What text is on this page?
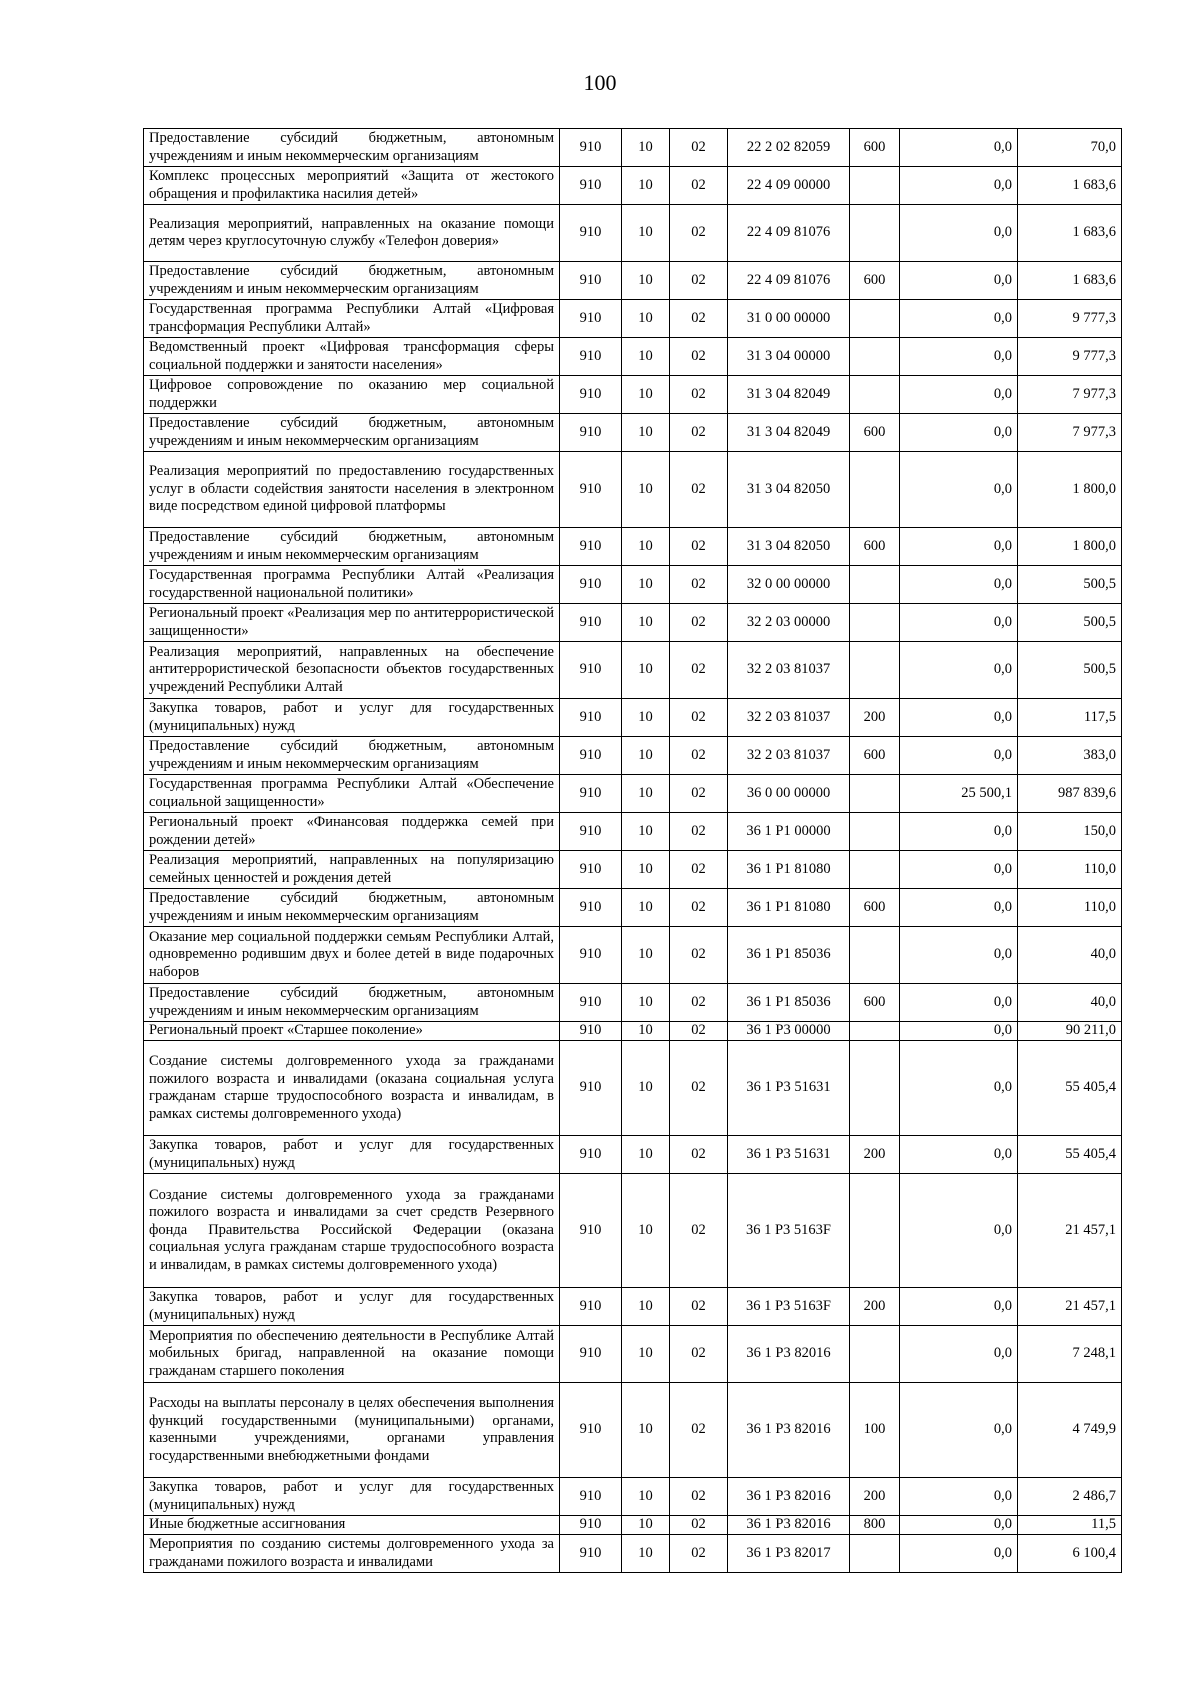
100
Предоставление субсидий бюджетным, автономным учреждениям и иным некоммерческим организациям	910	10	02	22 2 02 82059	600	0,0	70,0
Комплекс процессных мероприятий «Защита от жестокого обращения и профилактика насилия детей»	910	10	02	22 4 09 00000		0,0	1 683,6
Реализация мероприятий, направленных на оказание помощи детям через круглосуточную службу «Телефон доверия»	910	10	02	22 4 09 81076		0,0	1 683,6
Предоставление субсидий бюджетным, автономным учреждениям и иным некоммерческим организациям	910	10	02	22 4 09 81076	600	0,0	1 683,6
Государственная программа Республики Алтай «Цифровая трансформация Республики Алтай»	910	10	02	31 0 00 00000		0,0	9 777,3
Ведомственный проект «Цифровая трансформация сферы социальной поддержки и занятости населения»	910	10	02	31 3 04 00000		0,0	9 777,3
Цифровое сопровождение по оказанию мер социальной поддержки	910	10	02	31 3 04 82049		0,0	7 977,3
Предоставление субсидий бюджетным, автономным учреждениям и иным некоммерческим организациям	910	10	02	31 3 04 82049	600	0,0	7 977,3
Реализация мероприятий по предоставлению государственных услуг в области содействия занятости населения в электронном виде посредством единой цифровой платформы	910	10	02	31 3 04 82050		0,0	1 800,0
Предоставление субсидий бюджетным, автономным учреждениям и иным некоммерческим организациям	910	10	02	31 3 04 82050	600	0,0	1 800,0
Государственная программа Республики Алтай «Реализация государственной национальной политики»	910	10	02	32 0 00 00000		0,0	500,5
Региональный проект «Реализация мер по антитеррористической защищенности»	910	10	02	32 2 03 00000		0,0	500,5
Реализация мероприятий, направленных на обеспечение антитеррористической безопасности объектов государственных учреждений Республики Алтай	910	10	02	32 2 03 81037		0,0	500,5
Закупка товаров, работ и услуг для государственных (муниципальных) нужд	910	10	02	32 2 03 81037	200	0,0	117,5
Предоставление субсидий бюджетным, автономным учреждениям и иным некоммерческим организациям	910	10	02	32 2 03 81037	600	0,0	383,0
Государственная программа Республики Алтай «Обеспечение социальной защищенности»	910	10	02	36 0 00 00000		25 500,1	987 839,6
Региональный проект «Финансовая поддержка семей при рождении детей»	910	10	02	36 1 Р1 00000		0,0	150,0
Реализация мероприятий, направленных на популяризацию семейных ценностей и рождения детей	910	10	02	36 1 Р1 81080		0,0	110,0
Предоставление субсидий бюджетным, автономным учреждениям и иным некоммерческим организациям	910	10	02	36 1 Р1 81080	600	0,0	110,0
Оказание мер социальной поддержки семьям Республики Алтай, одновременно родившим двух и более детей в виде подарочных наборов	910	10	02	36 1 Р1 85036		0,0	40,0
Предоставление субсидий бюджетным, автономным учреждениям и иным некоммерческим организациям	910	10	02	36 1 Р1 85036	600	0,0	40,0
Региональный проект «Старшее поколение»	910	10	02	36 1 Р3 00000		0,0	90 211,0
Создание системы долговременного ухода за гражданами пожилого возраста и инвалидами (оказана социальная услуга гражданам старше трудоспособного возраста и инвалидам, в рамках системы долговременного ухода)	910	10	02	36 1 Р3 51631		0,0	55 405,4
Закупка товаров, работ и услуг для государственных (муниципальных) нужд	910	10	02	36 1 Р3 51631	200	0,0	55 405,4
Создание системы долговременного ухода за гражданами пожилого возраста и инвалидами за счет средств Резервного фонда Правительства Российской Федерации (оказана социальная услуга гражданам старше трудоспособного возраста и инвалидам, в рамках системы долговременного ухода)	910	10	02	36 1 Р3 5163F		0,0	21 457,1
Закупка товаров, работ и услуг для государственных (муниципальных) нужд	910	10	02	36 1 Р3 5163F	200	0,0	21 457,1
Мероприятия по обеспечению деятельности в Республике Алтай мобильных бригад, направленной на оказание помощи гражданам старшего поколения	910	10	02	36 1 Р3 82016		0,0	7 248,1
Расходы на выплаты персоналу в целях обеспечения выполнения функций государственными (муниципальными) органами, казенными учреждениями, органами управления государственными внебюджетными фондами	910	10	02	36 1 Р3 82016	100	0,0	4 749,9
Закупка товаров, работ и услуг для государственных (муниципальных) нужд	910	10	02	36 1 Р3 82016	200	0,0	2 486,7
Иные бюджетные ассигнования	910	10	02	36 1 Р3 82016	800	0,0	11,5
Мероприятия по созданию системы долговременного ухода за гражданами пожилого возраста и инвалидами	910	10	02	36 1 Р3 82017		0,0	6 100,4
